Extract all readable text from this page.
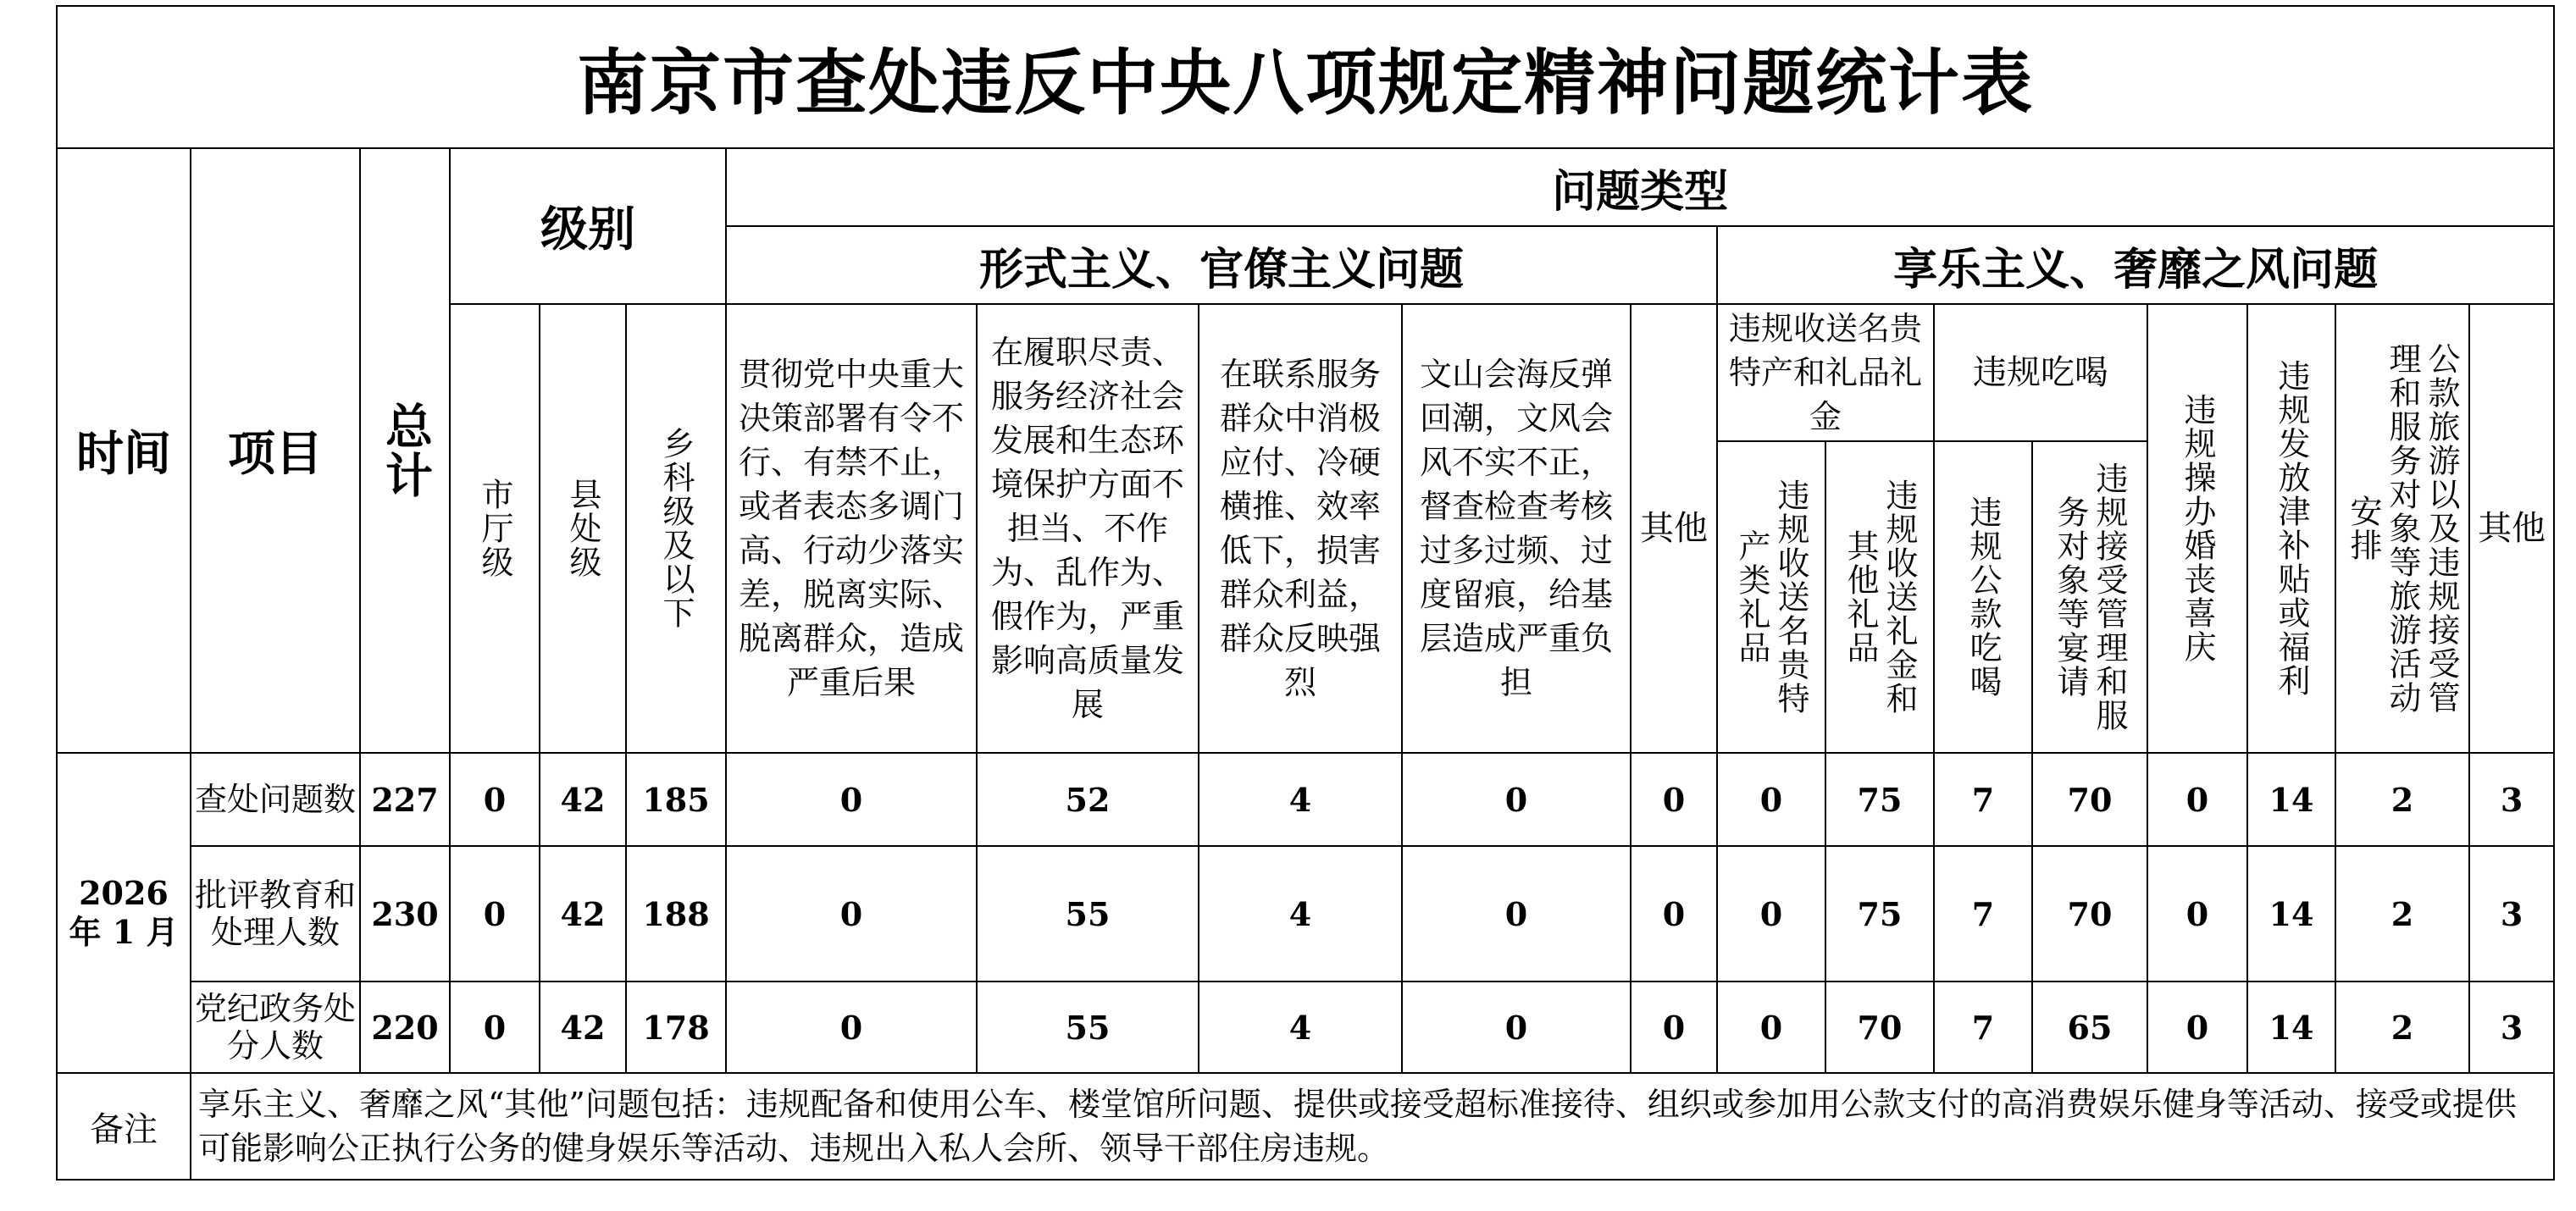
南京市查处违反中央八项规定精神问题统计表																		
时间	项目	总计	级别			问题类型												
						形式主义、官僚主义问题					享乐主义、奢靡之风问题							

			市厅级	县处级	乡科级及以下	贯彻党中央重大决策部署有令不行、有禁不止，或者表态多调门高、行动少落实差，脱离实际、脱离群众，造成严重后果	在履职尽责、服务经济社会发展和生态环境保护方面不担当、不作为、乱作为、假作为，严重影响高质量发展	在联系服务群众中消极应付、冷硬横推、效率低下，损害群众利益，群众反映强烈	文山会海反弹回潮，文风会风不实不正，督查检查考核过多过频、过度留痕，给基层造成严重负担	其他	违规收送名贵特产和礼品礼金		违规吃喝		违规操办婚丧喜庆	违规发放津补贴或福利	公款旅游以及违规接受管理和服务对象等旅游活动安排	其他

											违规收送名贵特产类礼品	违规收送礼金和其他礼品	违规公款吃喝	违规接受管理和服务对象等宴请				

2026 年 1 月	查处问题数	227	0	42	185	0	52	4	0	0	0	75	7	70	0	14	2	3
	批评教育和处理人数	230	0	42	188	0	55	4	0	0	0	75	7	70	0	14	2	3
	党纪政务处分人数	220	0	42	178	0	55	4	0	0	0	70	7	65	0	14	2	3
备注	享乐主义、奢靡之风“其他”问题包括：违规配备和使用公车、楼堂馆所问题、提供或接受超标准接待、组织或参加用公款支付的高消费娱乐健身等活动、接受或提供可能影响公正执行公务的健身娱乐等活动、违规出入私人会所、领导干部住房违规。																	
